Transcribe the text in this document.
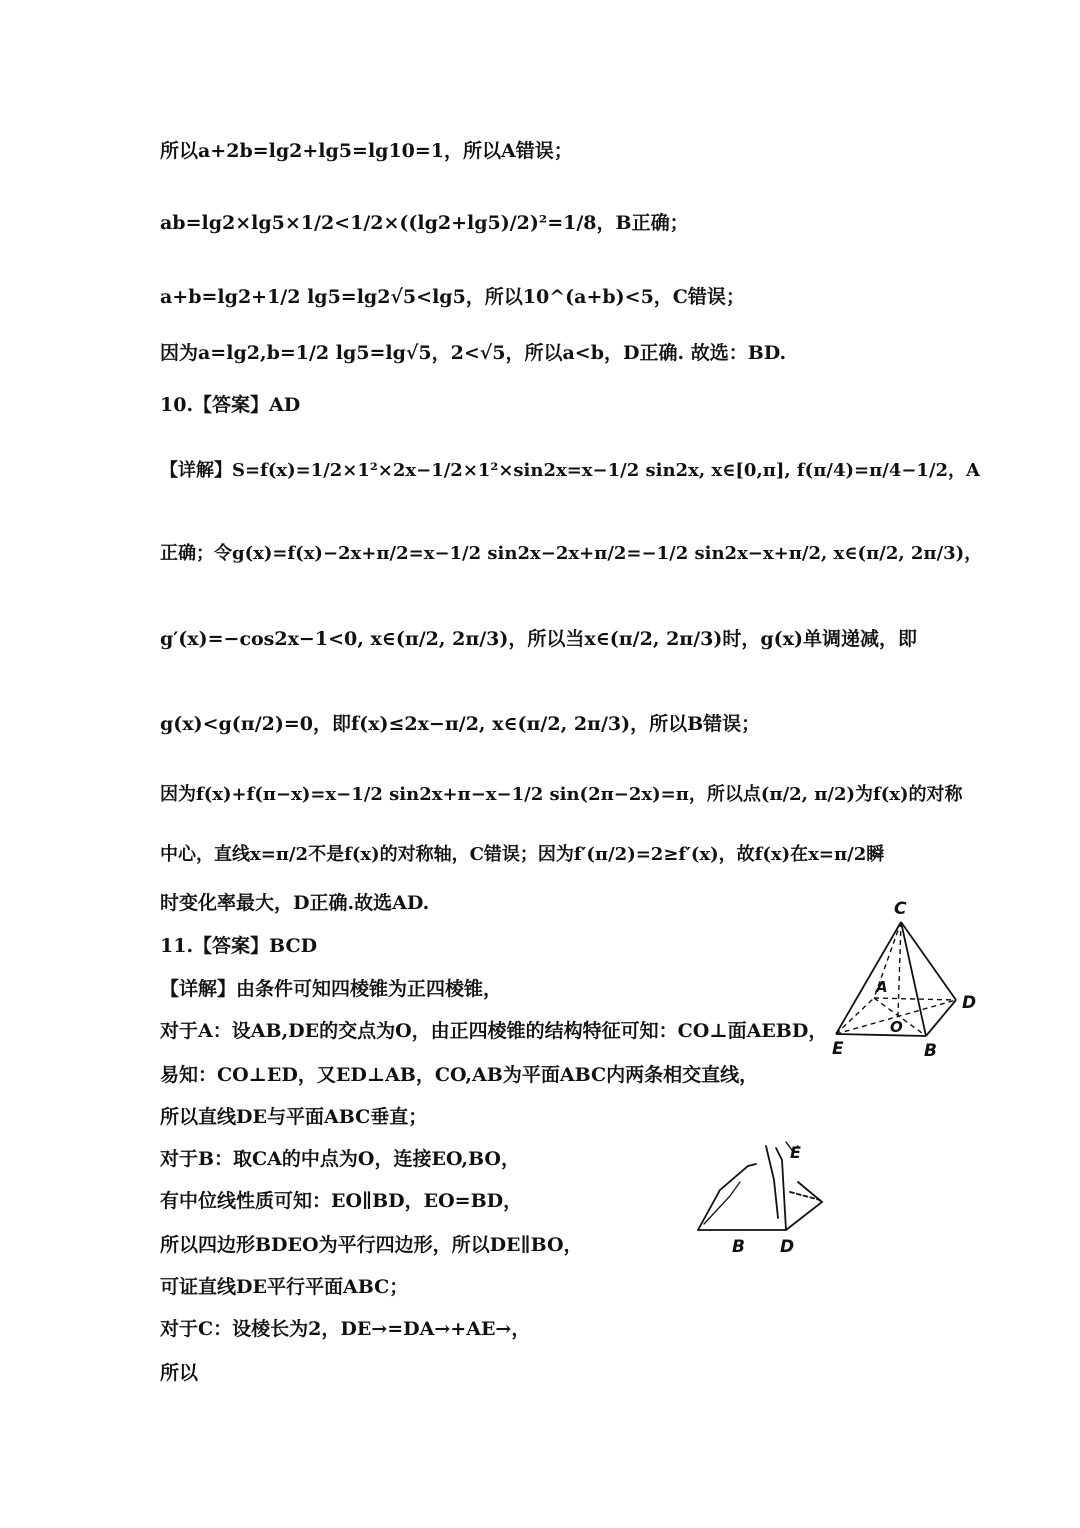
所以a+2b=lg2+lg5=lg10=1，所以A错误；
ab=lg2×lg5×1/2<1/2×((lg2+lg5)/2)²=1/8，B正确；
a+b=lg2+1/2 lg5=lg2√5<lg5，所以10^(a+b)<5，C错误；
因为a=lg2,b=1/2 lg5=lg√5，2<√5，所以a<b，D正确. 故选：BD.
10.【答案】AD
【详解】S=f(x)=1/2×1²×2x−1/2×1²×sin2x=x−1/2 sin2x, x∈[0,π], f(π/4)=π/4−1/2，A
正确；令g(x)=f(x)−2x+π/2=x−1/2 sin2x−2x+π/2=−1/2 sin2x−x+π/2, x∈(π/2, 2π/3)，
g′(x)=−cos2x−1<0, x∈(π/2, 2π/3)，所以当x∈(π/2, 2π/3)时，g(x)单调递减，即
g(x)<g(π/2)=0，即f(x)≤2x−π/2, x∈(π/2, 2π/3)，所以B错误；
因为f(x)+f(π−x)=x−1/2 sin2x+π−x−1/2 sin(2π−2x)=π，所以点(π/2, π/2)为f(x)的对称
中心，直线x=π/2不是f(x)的对称轴，C错误；因为f′(π/2)=2≥f′(x)，故f(x)在x=π/2瞬
时变化率最大，D正确.故选AD.
11.【答案】BCD
【详解】由条件可知四棱锥为正四棱锥，
对于A：设AB,DE的交点为O，由正四棱锥的结构特征可知：CO⊥面AEBD，
易知：CO⊥ED，又ED⊥AB，CO,AB为平面ABC内两条相交直线，
所以直线DE与平面ABC垂直；
对于B：取CA的中点为O，连接EO,BO，
有中位线性质可知：EO∥BD，EO=BD，
所以四边形BDEO为平行四边形，所以DE∥BO，
可证直线DE平行平面ABC；
对于C：设棱长为2，DE→=DA→+AE→，
所以
C
A
D
O
E	B
E
B D
